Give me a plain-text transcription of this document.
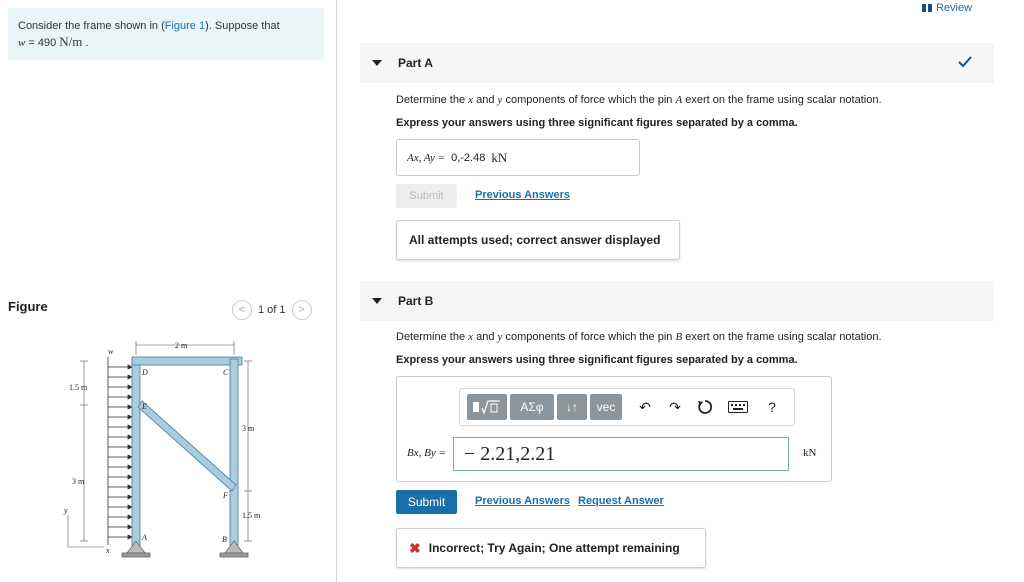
Consider the frame shown in (Figure 1). Suppose that
w = 490 N/m .
Figure	<	1 of 1	>
2 m
w
D	C
E
1.5 m
3 m
3 m
F
1.5 m
y
x
A	B
Review
Part A
Determine the x and y components of force which the pin A exert on the frame using scalar notation.
Express your answers using three significant figures separated by a comma.
Ax, Ay = 0,-2.48 kN
Submit	Previous Answers
All attempts used; correct answer displayed
Part B
Determine the x and y components of force which the pin B exert on the frame using scalar notation.
Express your answers using three significant figures separated by a comma.
ΑΣφ	↓↑	vec	↶ ↷	?
Bx, By = − 2.21,2.21	kN
Submit	Previous Answers Request Answer
✖ Incorrect; Try Again; One attempt remaining
